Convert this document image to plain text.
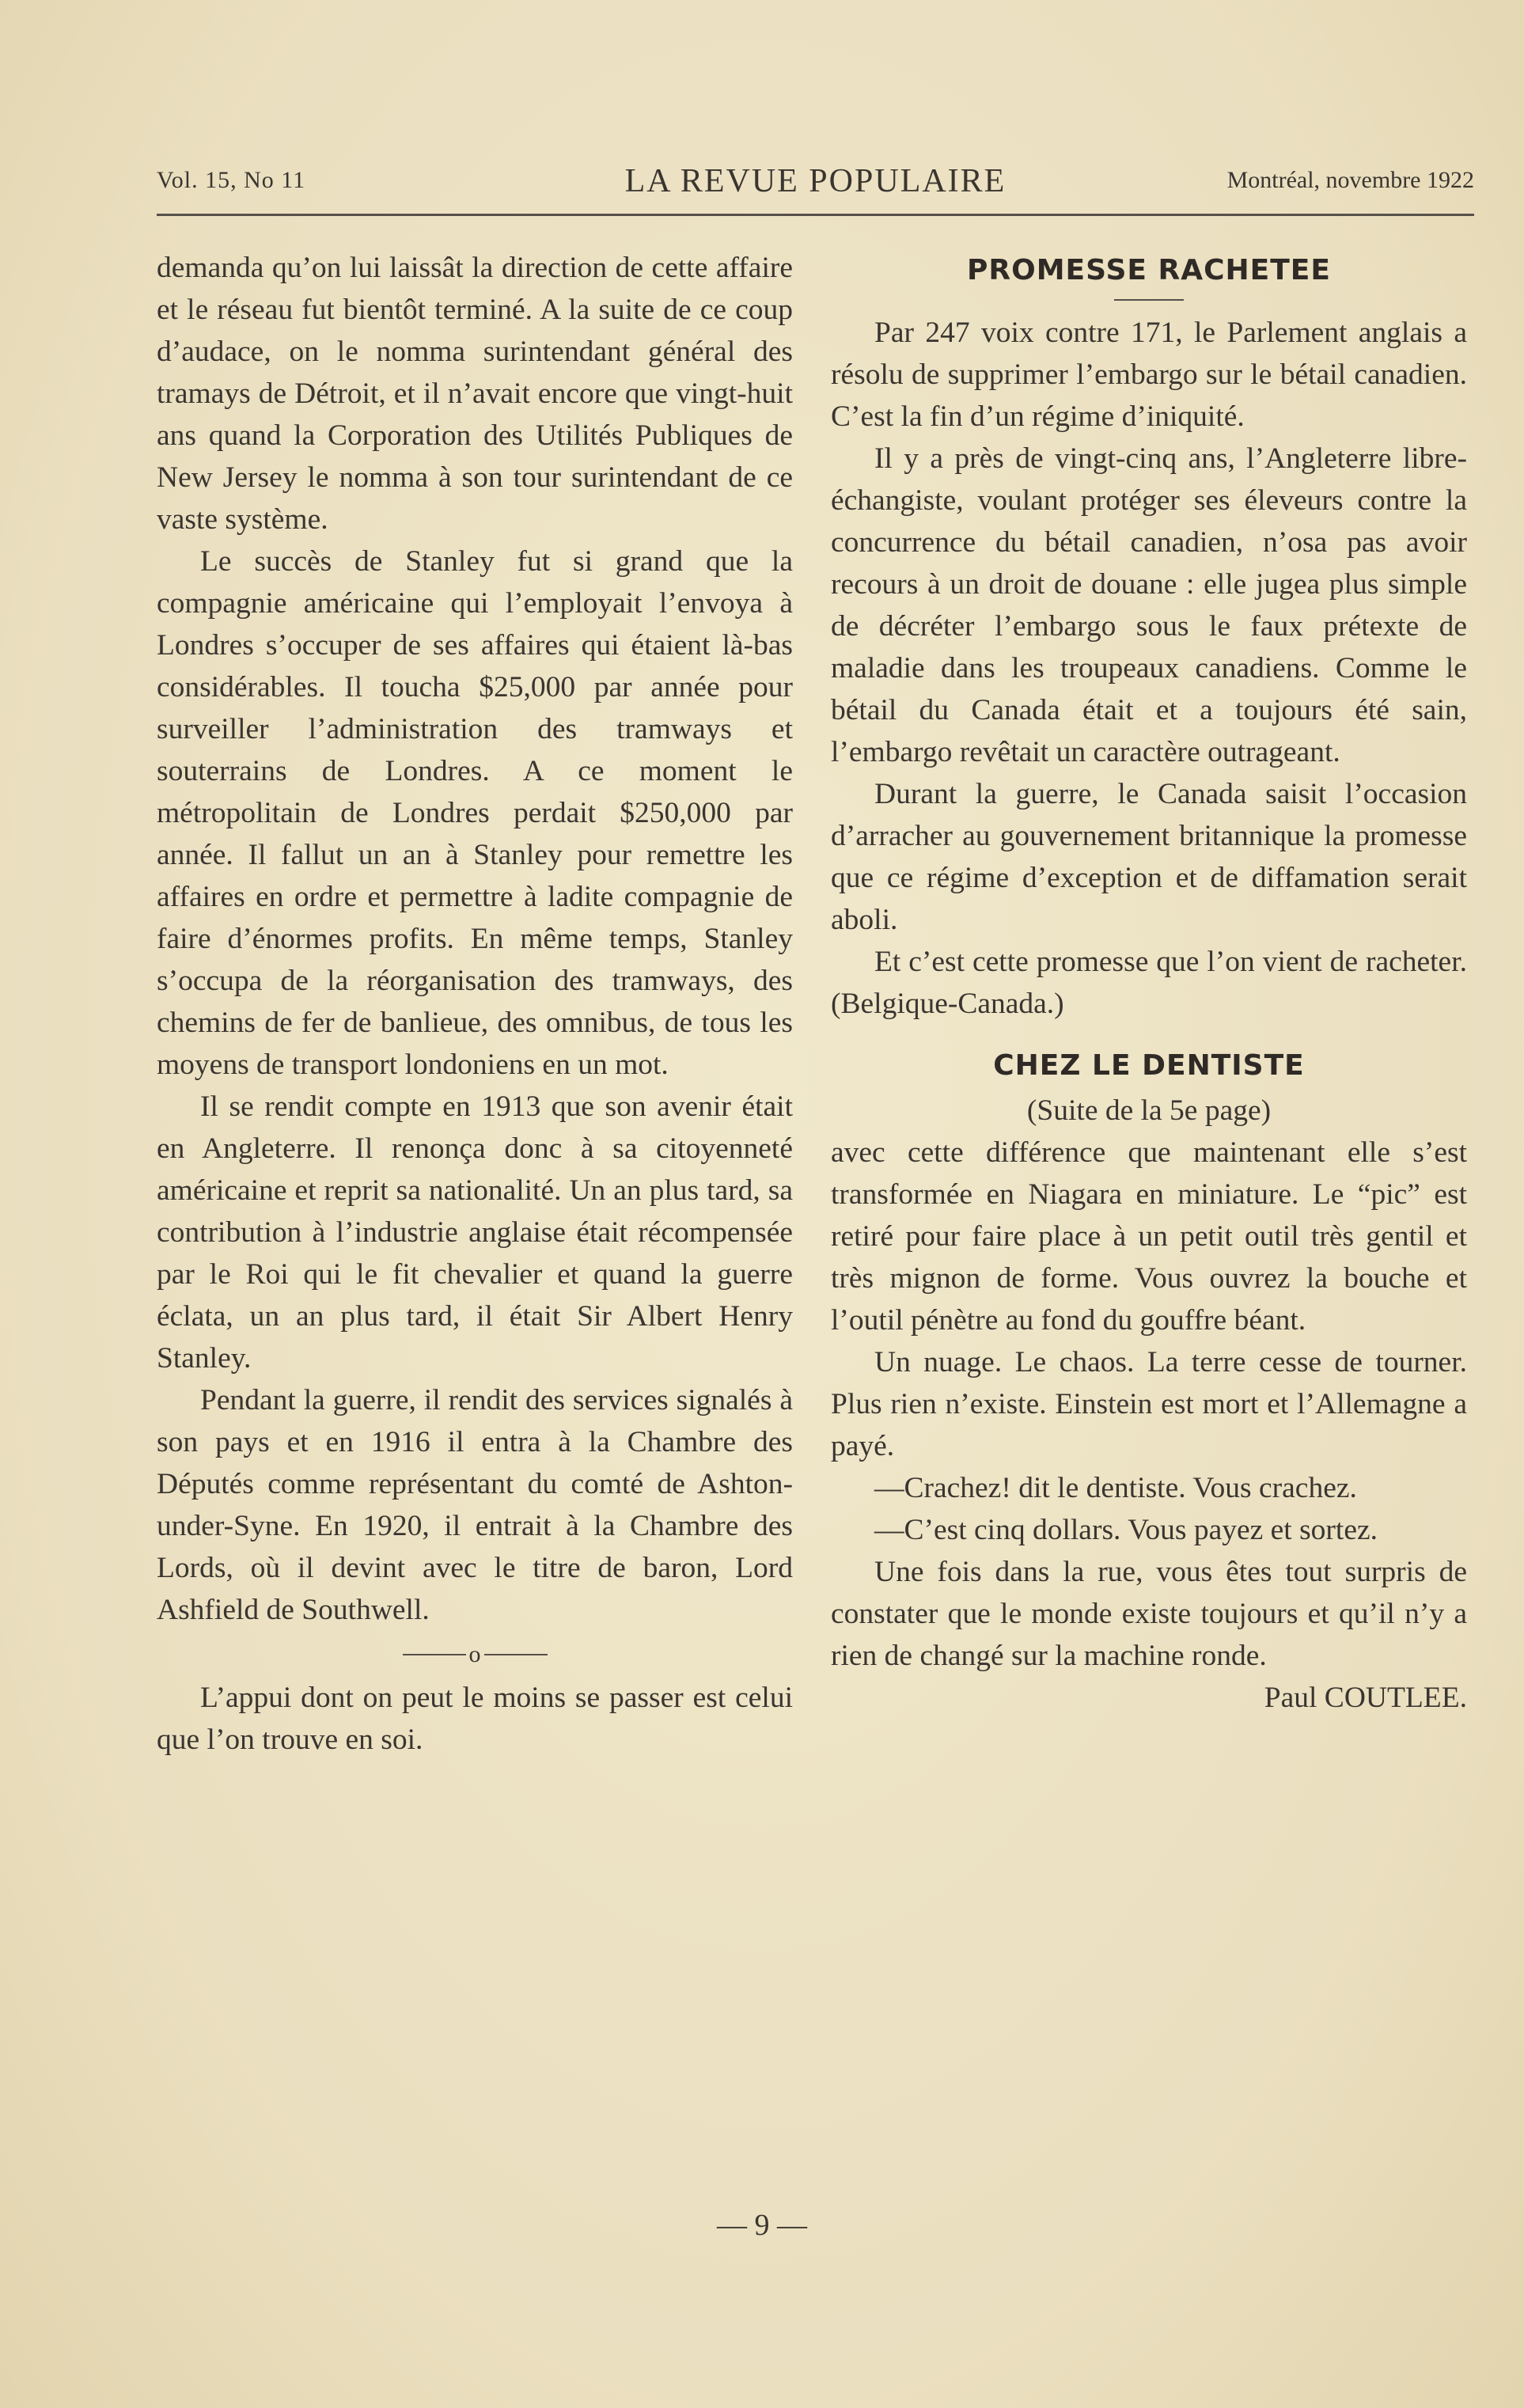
Vol. 15, No 11	LA REVUE POPULAIRE	Montréal, novembre 1922

demanda qu’on lui laissât la direction de cette affaire et le réseau fut bientôt terminé. A la suite de ce coup d’audace, on le nomma surintendant général des tramays de Détroit, et il n’avait encore que vingt-huit ans quand la Corporation des Utilités Publiques de New Jersey le nomma à son tour surintendant de ce vaste système.

Le succès de Stanley fut si grand que la compagnie américaine qui l’employait l’envoya à Londres s’occuper de ses affaires qui étaient là-bas considérables. Il toucha $25,000 par année pour surveiller l’administration des tramways et souterrains de Londres. A ce moment le métropolitain de Londres perdait $250,000 par année. Il fallut un an à Stanley pour remettre les affaires en ordre et permettre à ladite compagnie de faire d’énormes profits. En même temps, Stanley s’occupa de la réorganisation des tramways, des chemins de fer de banlieue, des omnibus, de tous les moyens de transport londoniens en un mot.

Il se rendit compte en 1913 que son avenir était en Angleterre. Il renonça donc à sa citoyenneté américaine et reprit sa nationalité. Un an plus tard, sa contribution à l’industrie anglaise était récompensée par le Roi qui le fit chevalier et quand la guerre éclata, un an plus tard, il était Sir Albert Henry Stanley.

Pendant la guerre, il rendit des services signalés à son pays et en 1916 il entra à la Chambre des Députés comme représentant du comté de Ashton-under-Syne. En 1920, il entrait à la Chambre des Lords, où il devint avec le titre de baron, Lord Ashfield de Southwell.

o

L’appui dont on peut le moins se passer est celui que l’on trouve en soi.

PROMESSE RACHETEE

Par 247 voix contre 171, le Parlement anglais a résolu de supprimer l’embargo sur le bétail canadien. C’est la fin d’un régime d’iniquité.

Il y a près de vingt-cinq ans, l’Angleterre libre-échangiste, voulant protéger ses éleveurs contre la concurrence du bétail canadien, n’osa pas avoir recours à un droit de douane : elle jugea plus simple de décréter l’embargo sous le faux prétexte de maladie dans les troupeaux canadiens. Comme le bétail du Canada était et a toujours été sain, l’embargo revêtait un caractère outrageant.

Durant la guerre, le Canada saisit l’occasion d’arracher au gouvernement britannique la promesse que ce régime d’exception et de diffamation serait aboli.

Et c’est cette promesse que l’on vient de racheter. (Belgique-Canada.)

CHEZ LE DENTISTE

(Suite de la 5e page)

avec cette différence que maintenant elle s’est transformée en Niagara en miniature. Le “pic” est retiré pour faire place à un petit outil très gentil et très mignon de forme. Vous ouvrez la bouche et l’outil pénètre au fond du gouffre béant.

Un nuage. Le chaos. La terre cesse de tourner. Plus rien n’existe. Einstein est mort et l’Allemagne a payé.

—Crachez! dit le dentiste. Vous crachez.

—C’est cinq dollars. Vous payez et sortez.

Une fois dans la rue, vous êtes tout surpris de constater que le monde existe toujours et qu’il n’y a rien de changé sur la machine ronde.

Paul COUTLEE.

— 9 —
